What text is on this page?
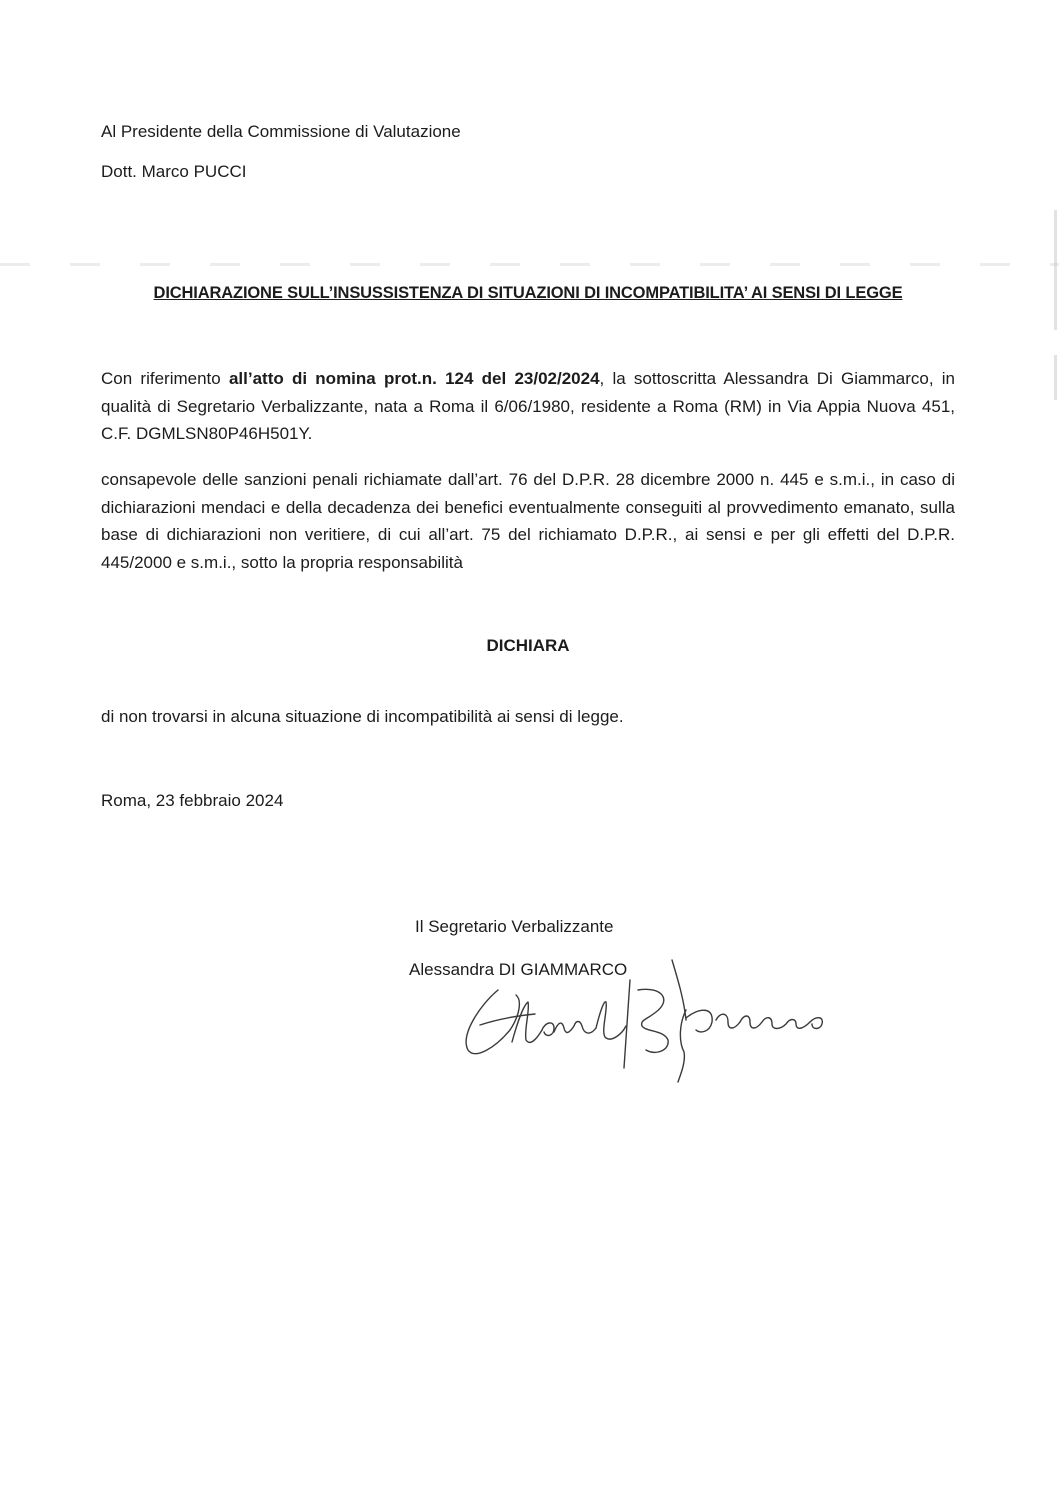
Al Presidente della Commissione di Valutazione
Dott. Marco PUCCI
DICHIARAZIONE SULL’INSUSSISTENZA DI SITUAZIONI DI INCOMPATIBILITA’ AI SENSI DI LEGGE
Con riferimento all’atto di nomina prot.n. 124 del 23/02/2024, la sottoscritta Alessandra Di Giammarco, in qualità di Segretario Verbalizzante, nata a Roma il 6/06/1980, residente a Roma (RM) in Via Appia Nuova 451, C.F. DGMLSN80P46H501Y.
consapevole delle sanzioni penali richiamate dall’art. 76 del D.P.R. 28 dicembre 2000 n. 445 e s.m.i., in caso di dichiarazioni mendaci e della decadenza dei benefici eventualmente conseguiti al provvedimento emanato, sulla base di dichiarazioni non veritiere, di cui all’art. 75 del richiamato D.P.R., ai sensi e per gli effetti del D.P.R. 445/2000 e s.m.i., sotto la propria responsabilità
DICHIARA
di non trovarsi in alcuna situazione di incompatibilità ai sensi di legge.
Roma, 23 febbraio 2024
Il Segretario Verbalizzante
Alessandra DI GIAMMARCO
